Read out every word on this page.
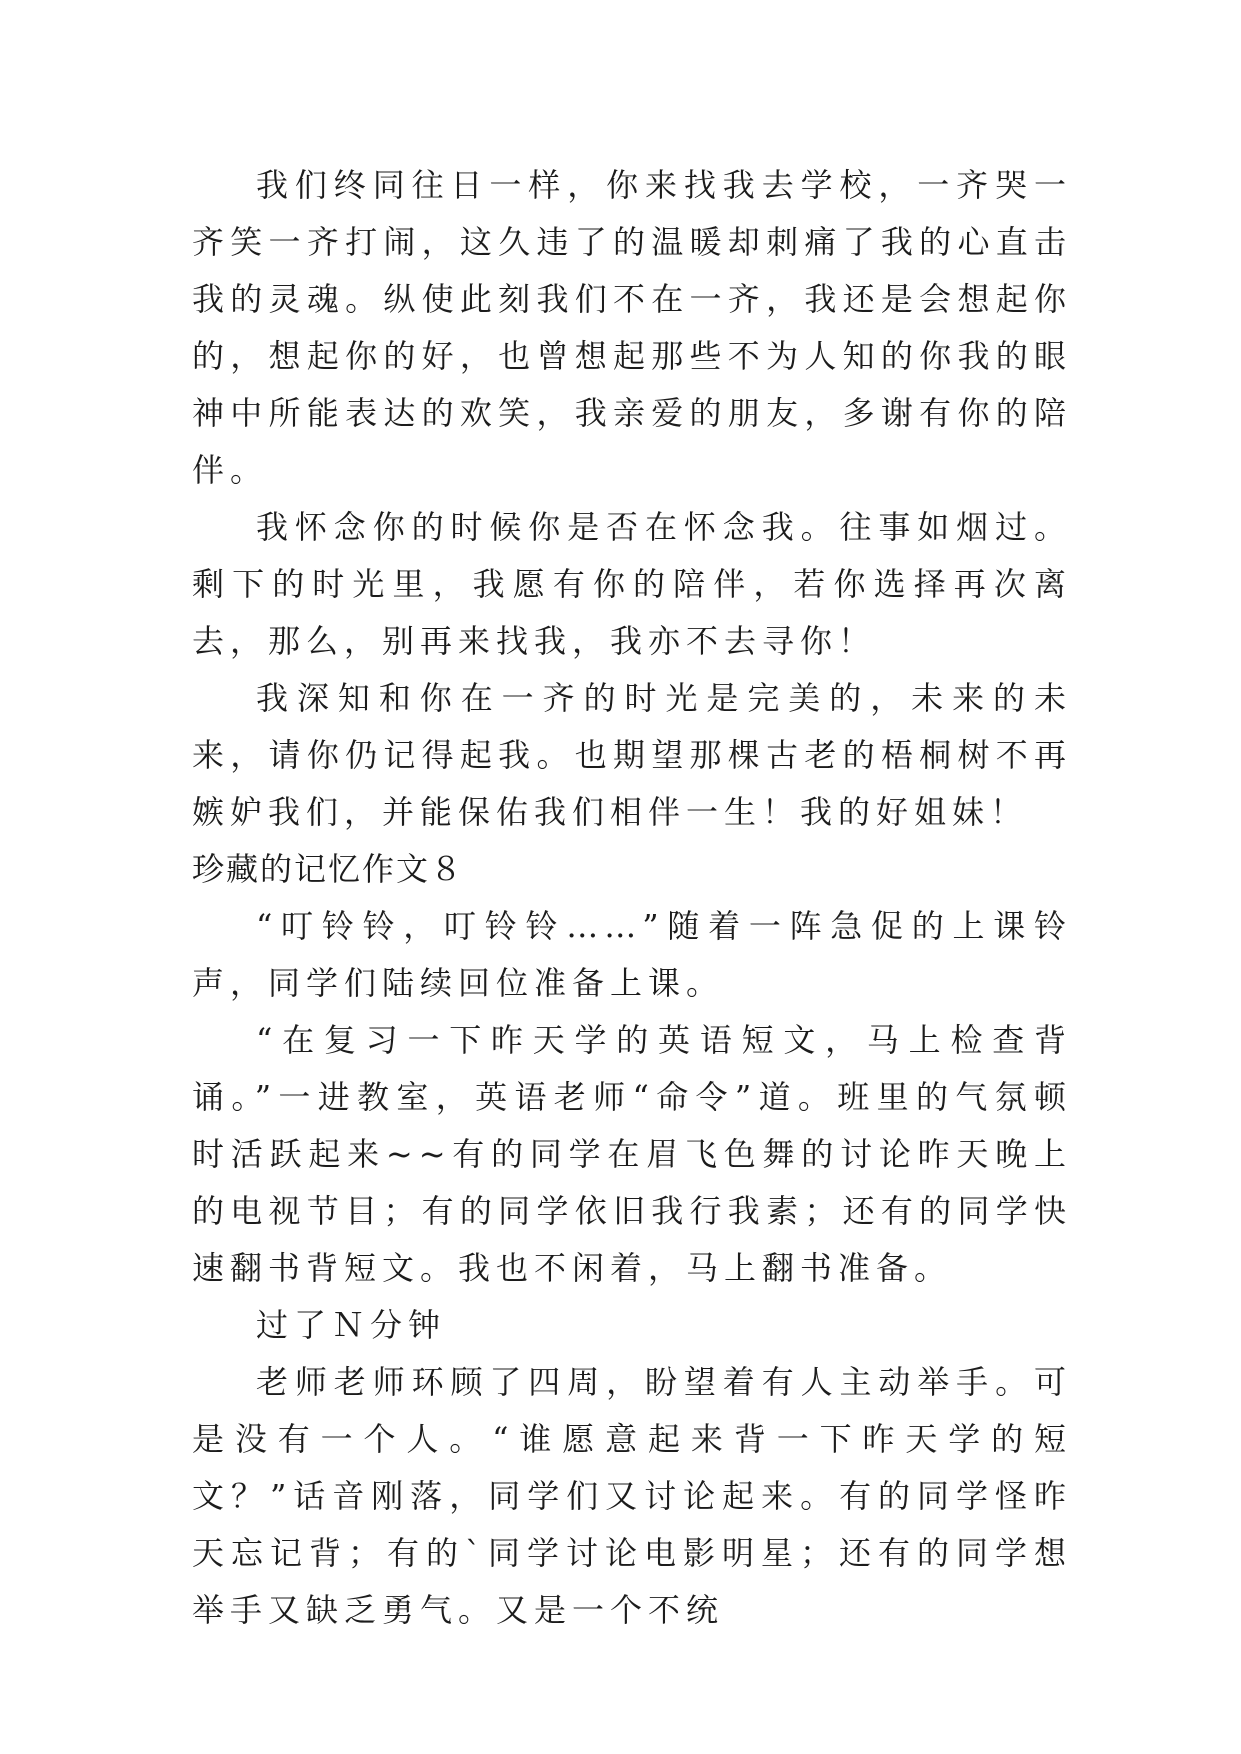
我们终同往日一样，你来找我去学校，一齐哭一齐笑一齐打闹，这久违了的温暖却刺痛了我的心直击我的灵魂。纵使此刻我们不在一齐，我还是会想起你的，想起你的好，也曾想起那些不为人知的你我的眼神中所能表达的欢笑，我亲爱的朋友，多谢有你的陪伴。

我怀念你的时候你是否在怀念我。往事如烟过。剩下的时光里，我愿有你的陪伴，若你选择再次离去，那么，别再来找我，我亦不去寻你！

我深知和你在一齐的时光是完美的，未来的未来，请你仍记得起我。也期望那棵古老的梧桐树不再嫉妒我们，并能保佑我们相伴一生！我的好姐妹！

珍藏的记忆作文８

“叮铃铃，叮铃铃……”随着一阵急促的上课铃声，同学们陆续回位准备上课。

“在复习一下昨天学的英语短文，马上检查背诵。”一进教室，英语老师“命令”道。班里的气氛顿时活跃起来~~有的同学在眉飞色舞的讨论昨天晚上的电视节目；有的同学依旧我行我素；还有的同学快速翻书背短文。我也不闲着，马上翻书准备。

过了Ｎ分钟

老师老师环顾了四周，盼望着有人主动举手。可是没有一个人。“谁愿意起来背一下昨天学的短文？”话音刚落，同学们又讨论起来。有的同学怪昨天忘记背；有的`同学讨论电影明星；还有的同学想举手又缺乏勇气。又是一个不统
